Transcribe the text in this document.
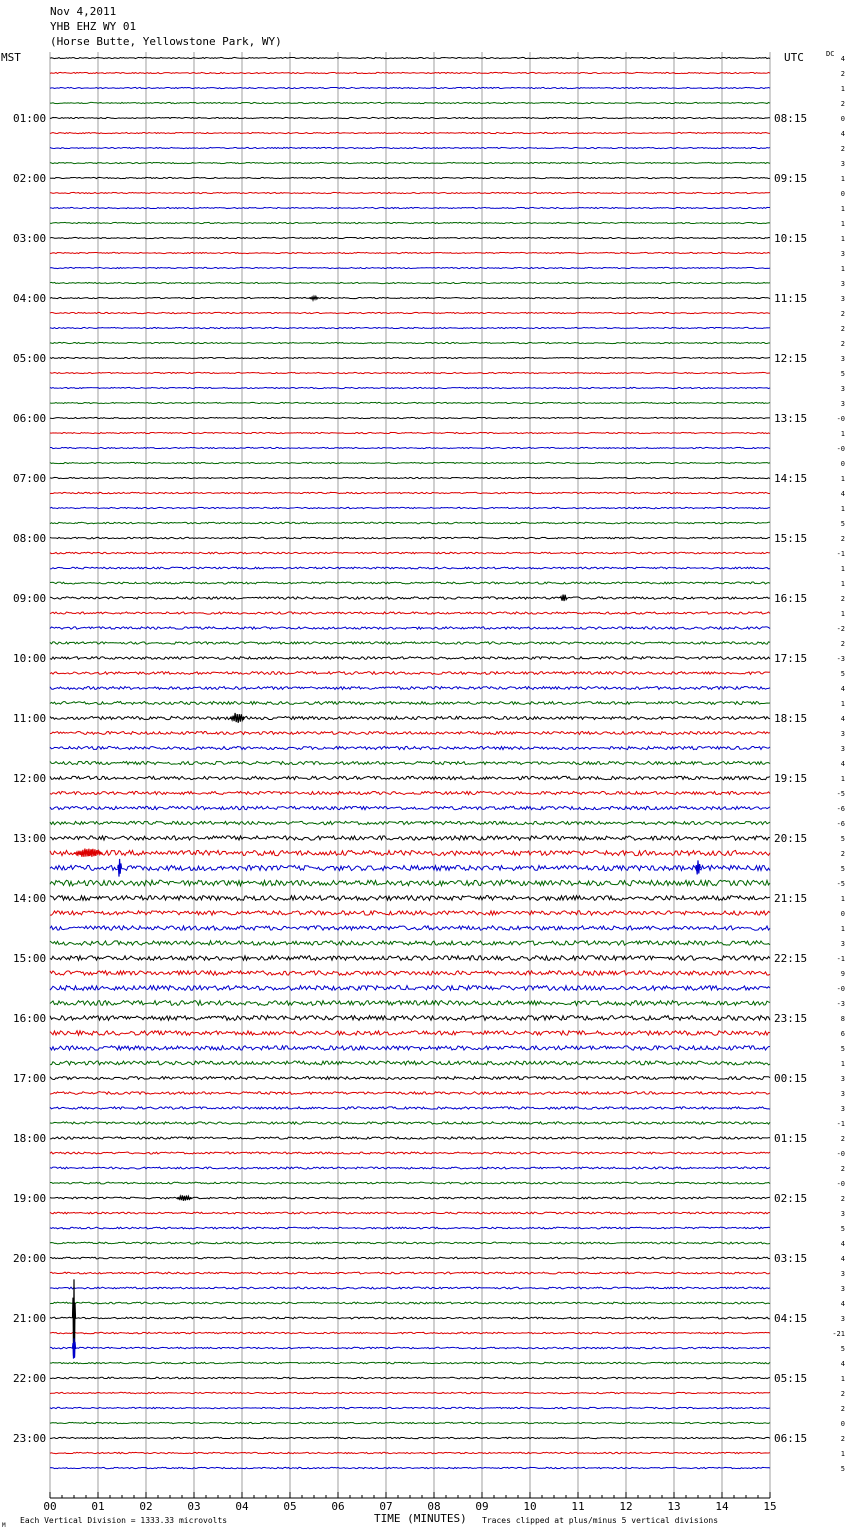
Nov 4,2011
YHB EHZ WY 01
(Horse Butte, Yellowstone Park, WY)
MST	UTC	DC
01:00
02:00
03:00
04:00
05:00
06:00
07:00
08:00
09:00
10:00
11:00
12:00
13:00
14:00
15:00
16:00
17:00
18:00
19:00
20:00
21:00
22:00
23:00
08:15
09:15
10:15
11:15
12:15
13:15
14:15
15:15
16:15
17:15
18:15
19:15
20:15
21:15
22:15
23:15
00:15
01:15
02:15
03:15
04:15
05:15
06:15
4
2
1
2
0
4
2
3
1
0
1
1
1
3
1
3
3
2
2
2
3
5
3
3
-0
1
-0
0
1
4
1
5
2
-1
1
1
2
1
-2
2
-3
5
4
1
4
3
3
4
1
-5
-6
-6
5
2
5
-5
1
0
1
3
-1
9
-0
-3
8
6
5
1
3
3
3
-1
2
-0
2
-0
2
3
5
4
4
3
3
4
3
-21
5
4
1
2
2
0
2
1
5
00	01	02	03	04	05	06	07	08	09	10	11	12	13	14	15
M
Each Vertical Division = 1333.33 microvolts	TIME (MINUTES) Traces clipped at plus/minus 5 vertical divisions
